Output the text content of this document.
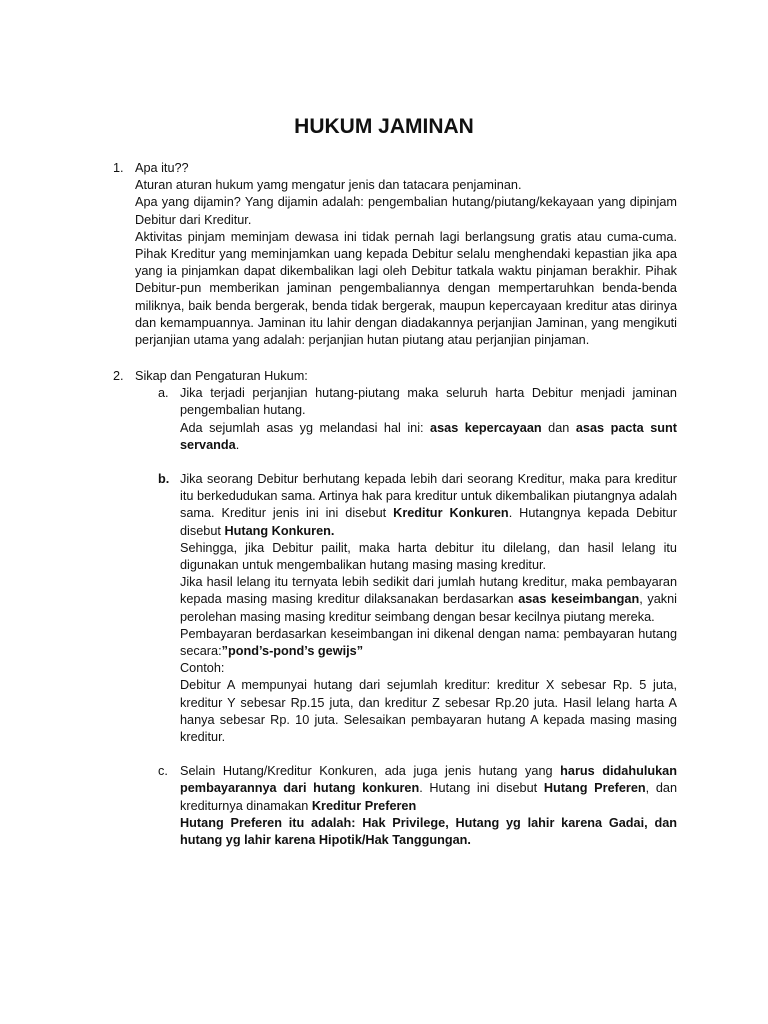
HUKUM JAMINAN
1. Apa itu??

Aturan aturan hukum yamg mengatur jenis dan tatacara penjaminan.

Apa yang dijamin? Yang dijamin adalah: pengembalian hutang/piutang/kekayaan yang dipinjam Debitur dari Kreditur.

Aktivitas pinjam meminjam dewasa ini tidak pernah lagi berlangsung gratis atau cuma-cuma. Pihak Kreditur yang meminjamkan uang kepada Debitur selalu menghendaki kepastian jika apa yang ia pinjamkan dapat dikembalikan lagi oleh Debitur tatkala waktu pinjaman berakhir. Pihak Debitur-pun memberikan jaminan pengembaliannya dengan mempertaruhkan benda-benda miliknya, baik benda bergerak, benda tidak bergerak, maupun kepercayaan kreditur atas dirinya dan kemampuannya. Jaminan itu lahir dengan diadakannya perjanjian Jaminan, yang mengikuti perjanjian utama yang adalah: perjanjian hutan piutang atau perjanjian pinjaman.

2. Sikap dan Pengaturan Hukum:

a. Jika terjadi perjanjian hutang-piutang maka seluruh harta Debitur menjadi jaminan pengembalian hutang.

Ada sejumlah asas yg melandasi hal ini: asas kepercayaan dan asas pacta sunt servanda.

b. Jika seorang Debitur berhutang kepada lebih dari seorang Kreditur, maka para kreditur itu berkedudukan sama. Artinya hak para kreditur untuk dikembalikan piutangnya adalah sama. Kreditur jenis ini ini disebut Kreditur Konkuren. Hutangnya kepada Debitur disebut Hutang Konkuren.

Sehingga, jika Debitur pailit, maka harta debitur itu dilelang, dan hasil lelang itu digunakan untuk mengembalikan hutang masing masing kreditur.

Jika hasil lelang itu ternyata lebih sedikit dari jumlah hutang kreditur, maka pembayaran kepada masing masing kreditur dilaksanakan berdasarkan asas keseimbangan, yakni perolehan masing masing kreditur seimbang dengan besar kecilnya piutang mereka.

Pembayaran berdasarkan keseimbangan ini dikenal dengan nama: pembayaran hutang secara:”pond’s-pond’s gewijs”

Contoh:

Debitur A mempunyai hutang dari sejumlah kreditur: kreditur X sebesar Rp. 5 juta, kreditur Y sebesar Rp.15 juta, dan kreditur Z sebesar Rp.20 juta. Hasil lelang harta A hanya sebesar Rp. 10 juta. Selesaikan pembayaran hutang A kepada masing masing kreditur.

c. Selain Hutang/Kreditur Konkuren, ada juga jenis hutang yang harus didahulukan pembayarannya dari hutang konkuren. Hutang ini disebut Hutang Preferen, dan krediturnya dinamakan Kreditur Preferen

Hutang Preferen itu adalah: Hak Privilege, Hutang yg lahir karena Gadai, dan hutang yg lahir karena Hipotik/Hak Tanggungan.
